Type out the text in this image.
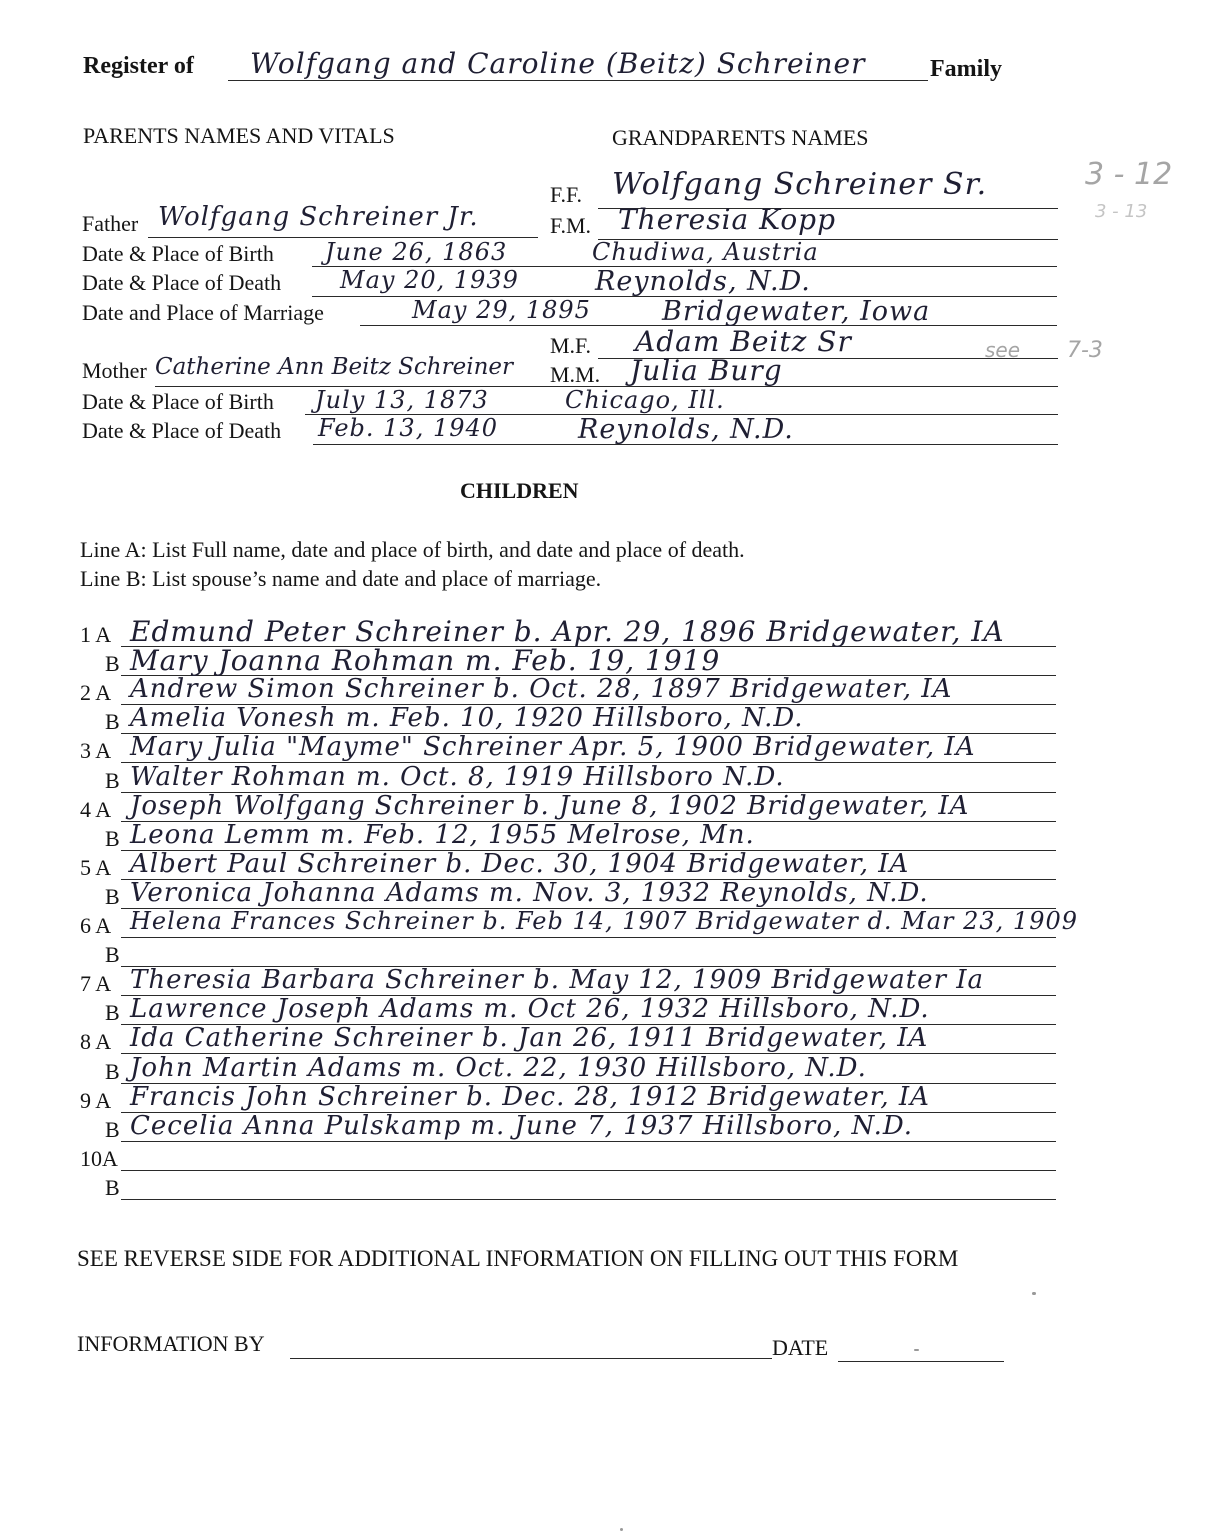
Register of Wolfgang and Caroline (Beitz) Schreiner	Family
PARENTS NAMES AND VITALS	GRANDPARENTS NAMES
F.F. Wolfgang Schreiner Sr.
F.M. Theresia Kopp
3 - 12
3 - 13
see 7-3
Father Wolfgang Schreiner Jr.
Date & Place of Birth June 26, 1863	Chudiwa, Austria
Date & Place of Death May 20, 1939	Reynolds, N.D.
Date and Place of Marriage	May 29, 1895	Bridgewater, Iowa
M.F. Adam Beitz Sr
Mother Catherine Ann Beitz Schreiner M.M. Julia Burg
Date & Place of Birth July 13, 1873	Chicago, Ill.
Date & Place of Death Feb. 13, 1940	Reynolds, N.D.
CHILDREN
Line A: List Full name, date and place of birth, and date and place of death.
Line B: List spouse’s name and date and place of marriage.
1 A Edmund Peter Schreiner b. Apr. 29, 1896 Bridgewater, IA
B Mary Joanna Rohman m. Feb. 19, 1919
2 A Andrew Simon Schreiner b. Oct. 28, 1897 Bridgewater, IA
B Amelia Vonesh m. Feb. 10, 1920 Hillsboro, N.D.
3 A Mary Julia "Mayme" Schreiner Apr. 5, 1900 Bridgewater, IA
B Walter Rohman m. Oct. 8, 1919 Hillsboro N.D.
4 A Joseph Wolfgang Schreiner b. June 8, 1902 Bridgewater, IA
B Leona Lemm m. Feb. 12, 1955 Melrose, Mn.
5 A Albert Paul Schreiner b. Dec. 30, 1904 Bridgewater, IA
B Veronica Johanna Adams m. Nov. 3, 1932 Reynolds, N.D.
6 A Helena Frances Schreiner b. Feb 14, 1907 Bridgewater d. Mar 23, 1909
B
7 A Theresia Barbara Schreiner b. May 12, 1909 Bridgewater Ia
B Lawrence Joseph Adams m. Oct 26, 1932 Hillsboro, N.D.
8 A Ida Catherine Schreiner b. Jan 26, 1911 Bridgewater, IA
B John Martin Adams m. Oct. 22, 1930 Hillsboro, N.D.
9 A Francis John Schreiner b. Dec. 28, 1912 Bridgewater, IA
B Cecelia Anna Pulskamp m. June 7, 1937 Hillsboro, N.D.
10A
B
SEE REVERSE SIDE FOR ADDITIONAL INFORMATION ON FILLING OUT THIS FORM
INFORMATION BY	DATE
